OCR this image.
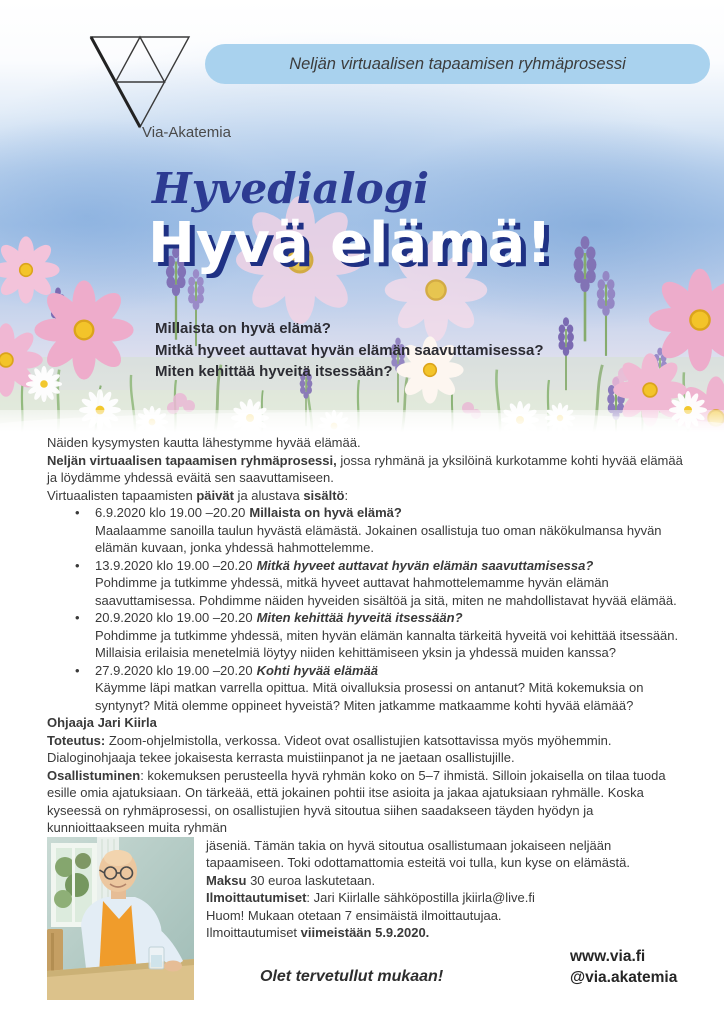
Via-Akatemia
Neljän virtuaalisen tapaamisen ryhmäprosessi
Hyvedialogi
Hyvä elämä!
Millaista on hyvä elämä?
Mitkä hyveet auttavat hyvän elämän saavuttamisessa?
Miten kehittää hyveitä itsessään?

Näiden kysymysten kautta lähestymme hyvää elämää.
Neljän virtuaalisen tapaamisen ryhmäprosessi, jossa ryhmänä ja yksilöinä kurkotamme kohti hyvää elämää ja löydämme yhdessä eväitä sen saavuttamiseen.
Virtuaalisten tapaamisten päivät ja alustava sisältö:

• 6.9.2020 klo 19.00 –20.20 Millaista on hyvä elämä?
Maalaamme sanoilla taulun hyvästä elämästä. Jokainen osallistuja tuo oman näkökulmansa hyvän elämän kuvaan, jonka yhdessä hahmottelemme.
• 13.9.2020 klo 19.00 –20.20 Mitkä hyveet auttavat hyvän elämän saavuttamisessa?
Pohdimme ja tutkimme yhdessä, mitkä hyveet auttavat hahmottelemamme hyvän elämän saavuttamisessa. Pohdimme näiden hyveiden sisältöä ja sitä, miten ne mahdollistavat hyvää elämää.
• 20.9.2020 klo 19.00 –20.20 Miten kehittää hyveitä itsessään?
Pohdimme ja tutkimme yhdessä, miten hyvän elämän kannalta tärkeitä hyveitä voi kehittää itsessään. Millaisia erilaisia menetelmiä löytyy niiden kehittämiseen yksin ja yhdessä muiden kanssa?
• 27.9.2020 klo 19.00 –20.20 Kohti hyvää elämää
Käymme läpi matkan varrella opittua. Mitä oivalluksia prosessi on antanut? Mitä kokemuksia on syntynyt? Mitä olemme oppineet hyveistä? Miten jatkamme matkaamme kohti hyvää elämää?

Ohjaaja Jari Kiirla

Toteutus: Zoom-ohjelmistolla, verkossa. Videot ovat osallistujien katsottavissa myös myöhemmin. Dialoginohjaaja tekee jokaisesta kerrasta muistiinpanot ja ne jaetaan osallistujille.

Osallistuminen: kokemuksen perusteella hyvä ryhmän koko on 5–7 ihmistä. Silloin jokaisella on tilaa tuoda esille omia ajatuksiaan. On tärkeää, että jokainen pohtii itse asioita ja jakaa ajatuksiaan ryhmälle. Koska kyseessä on ryhmäprosessi, on osallistujien hyvä sitoutua siihen saadakseen täyden hyödyn ja kunnioittaakseen muita ryhmän

jäseniä. Tämän takia on hyvä sitoutua osallistumaan jokaiseen neljään tapaamiseen. Toki odottamattomia esteitä voi tulla, kun kyse on elämästä.

Maksu 30 euroa laskutetaan.

Ilmoittautumiset: Jari Kiirlalle sähköpostilla jkiirla@live.fi

Huom! Mukaan otetaan 7 ensimäistä ilmoittautujaa.

Ilmoittautumiset viimeistään 5.9.2020.

Olet tervetullut mukaan!
www.via.fi
@via.akatemia
